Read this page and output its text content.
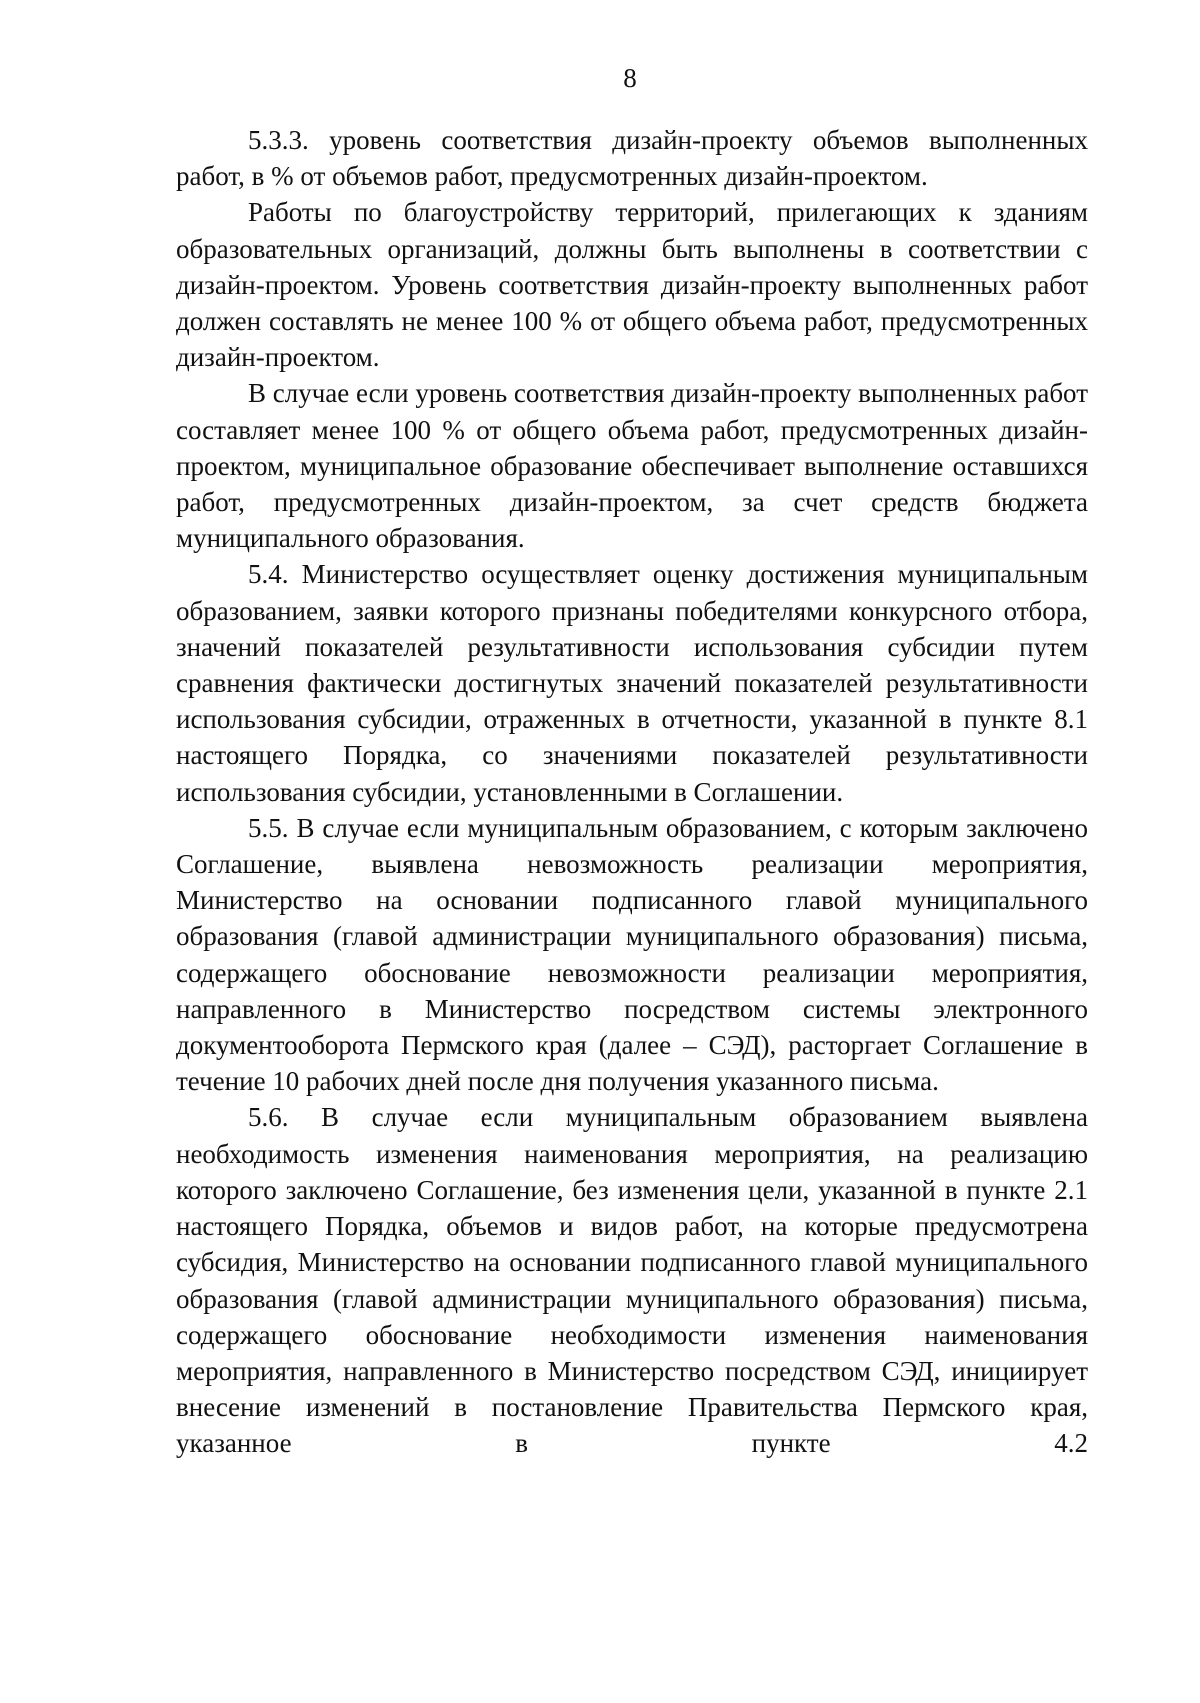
8

5.3.3. уровень соответствия дизайн-проекту объемов выполненных работ, в % от объемов работ, предусмотренных дизайн-проектом.

Работы по благоустройству территорий, прилегающих к зданиям образовательных организаций, должны быть выполнены в соответствии с дизайн-проектом. Уровень соответствия дизайн-проекту выполненных работ должен составлять не менее 100 % от общего объема работ, предусмотренных дизайн-проектом.

В случае если уровень соответствия дизайн-проекту выполненных работ составляет менее 100 % от общего объема работ, предусмотренных дизайн-проектом, муниципальное образование обеспечивает выполнение оставшихся работ, предусмотренных дизайн-проектом, за счет средств бюджета муниципального образования.

5.4. Министерство осуществляет оценку достижения муниципальным образованием, заявки которого признаны победителями конкурсного отбора, значений показателей результативности использования субсидии путем сравнения фактически достигнутых значений показателей результативности использования субсидии, отраженных в отчетности, указанной в пункте 8.1 настоящего Порядка, со значениями показателей результативности использования субсидии, установленными в Соглашении.

5.5. В случае если муниципальным образованием, с которым заключено Соглашение, выявлена невозможность реализации мероприятия, Министерство на основании подписанного главой муниципального образования (главой администрации муниципального образования) письма, содержащего обоснование невозможности реализации мероприятия, направленного в Министерство посредством системы электронного документооборота Пермского края (далее – СЭД), расторгает Соглашение в течение 10 рабочих дней после дня получения указанного письма.

5.6. В случае если муниципальным образованием выявлена необходимость изменения наименования мероприятия, на реализацию которого заключено Соглашение, без изменения цели, указанной в пункте 2.1 настоящего Порядка, объемов и видов работ, на которые предусмотрена субсидия, Министерство на основании подписанного главой муниципального образования (главой администрации муниципального образования) письма, содержащего обоснование необходимости изменения наименования мероприятия, направленного в Министерство посредством СЭД, инициирует внесение изменений в постановление Правительства Пермского края, указанное в пункте 4.2
